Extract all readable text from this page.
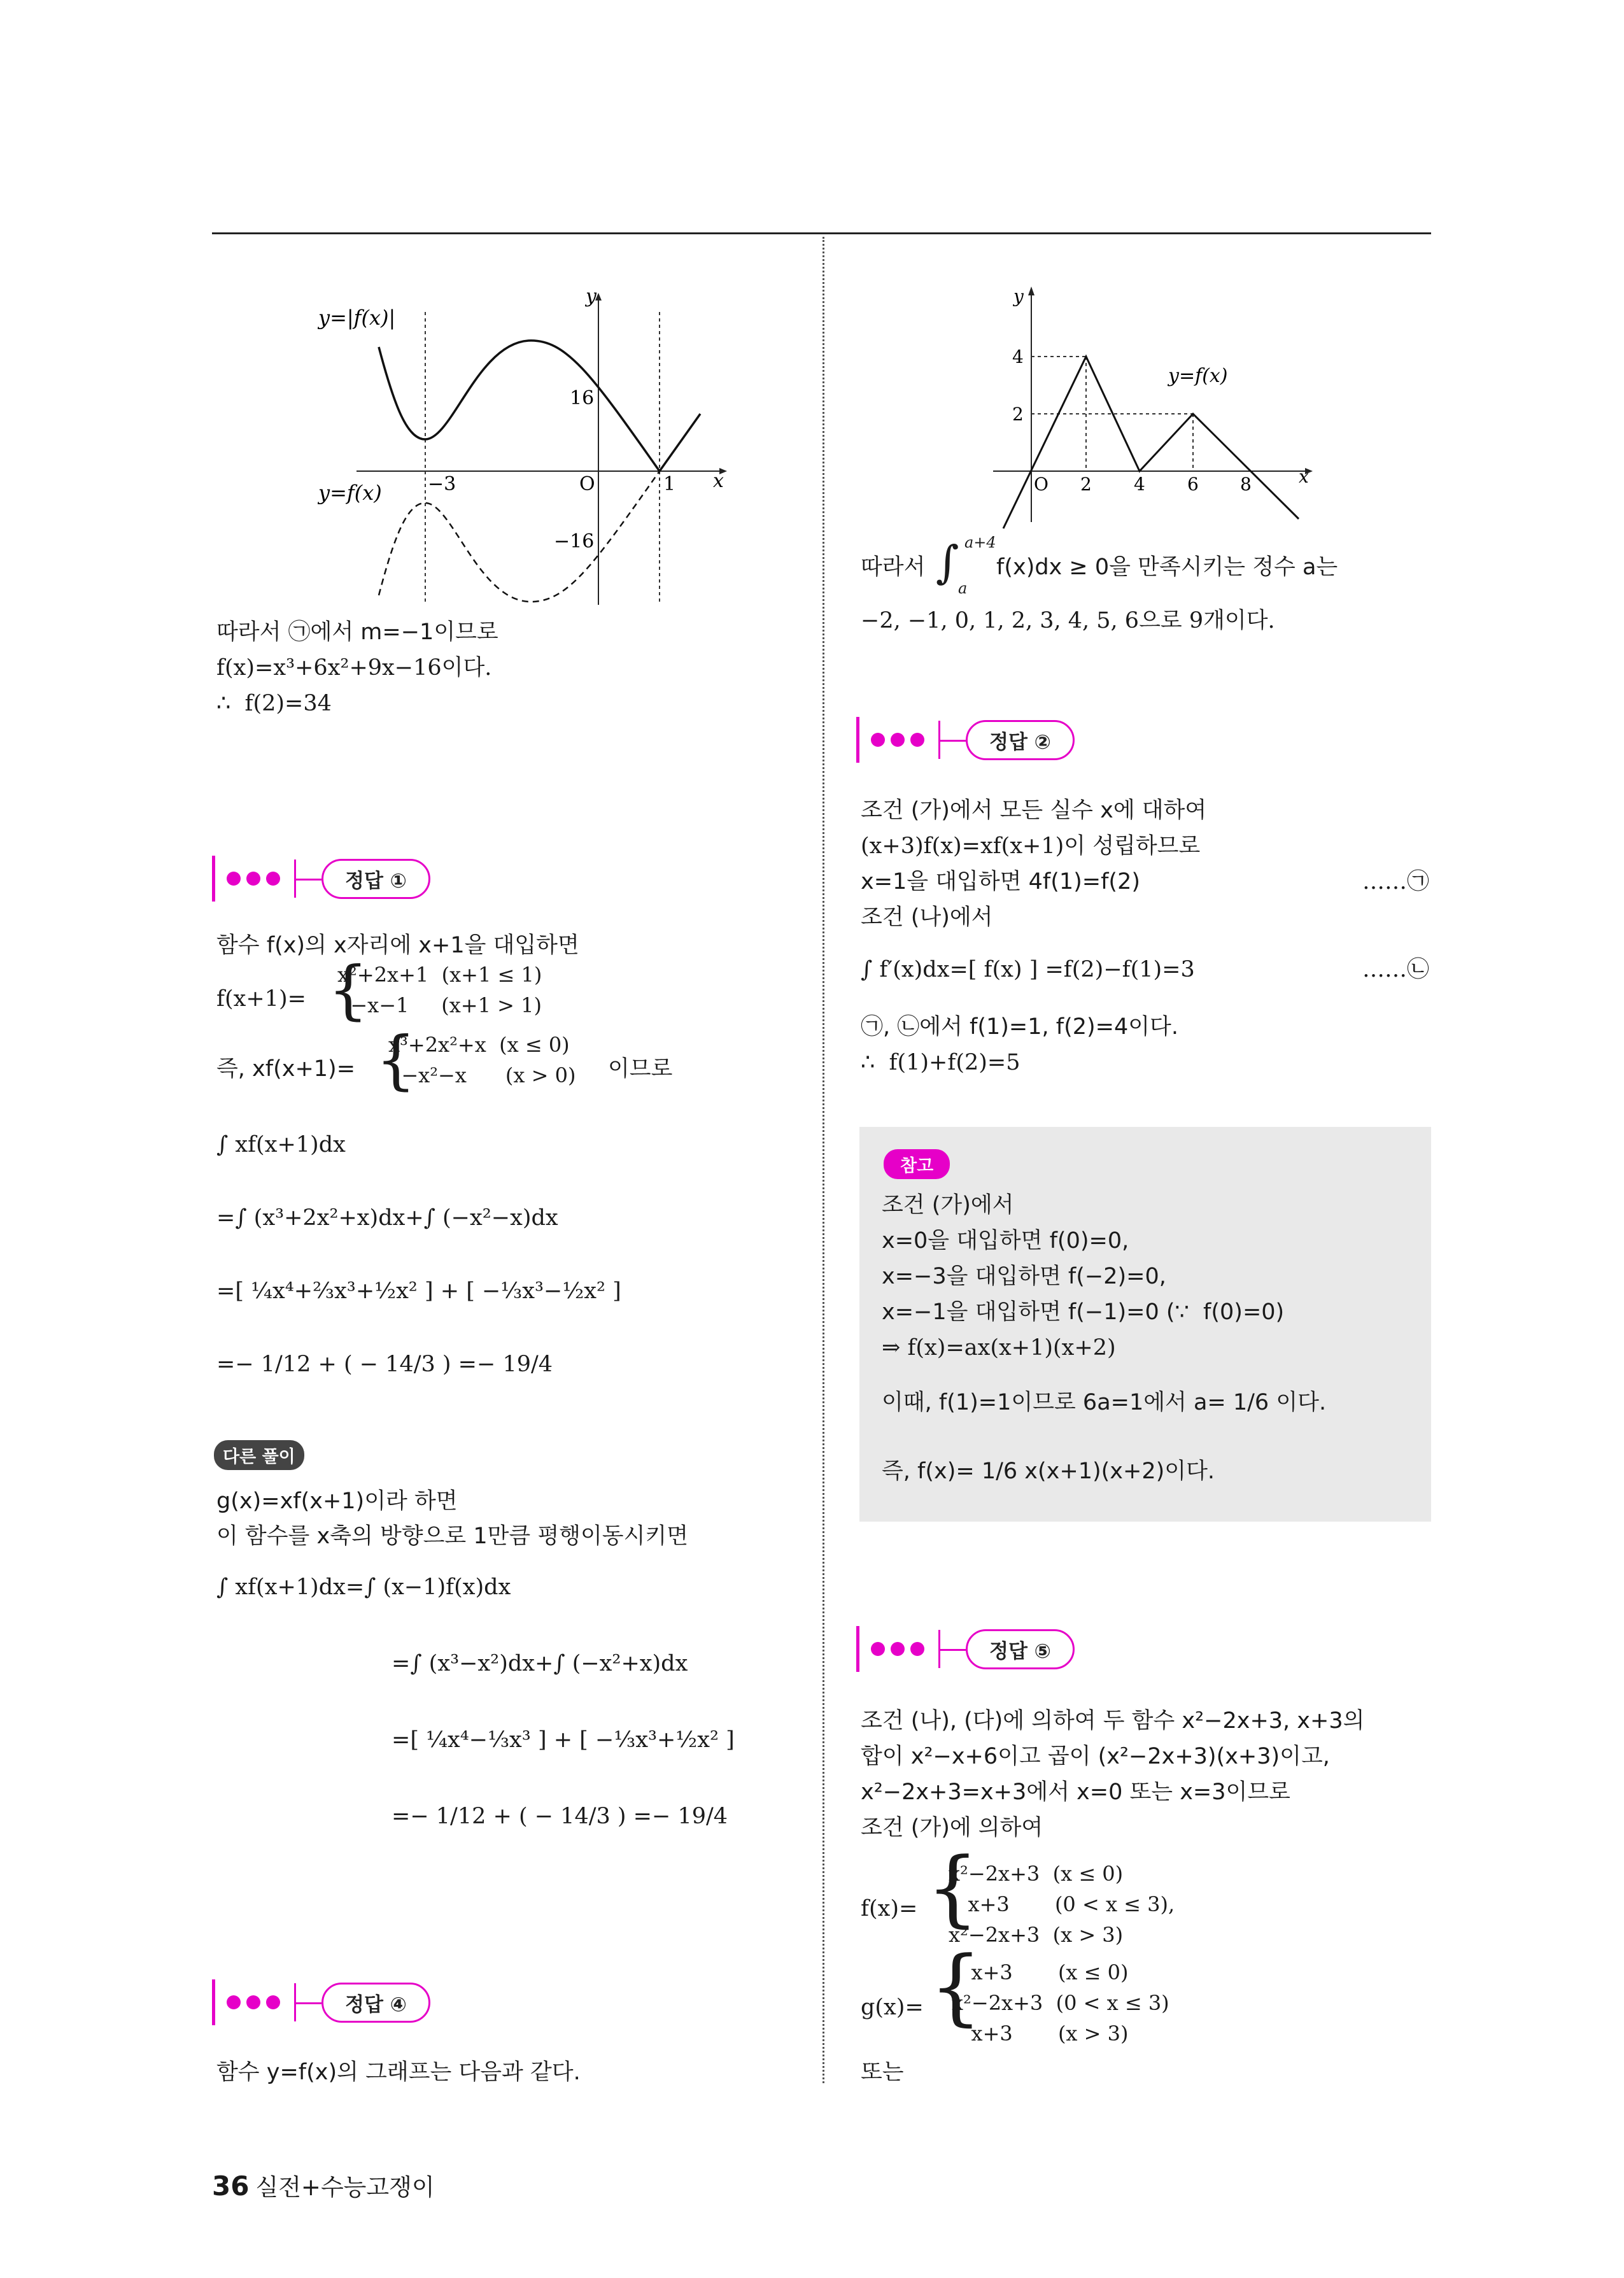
y=|f(x)|
y=f(x)
y
x
16
−16
−3	O	1
따라서 ㉠에서 m=−1이므로
f(x)=x³+6x²+9x−16이다.
∴  f(2)=34
정답 ①
함수 f(x)의 x자리에 x+1을 대입하면
f(x+1)=
x²+2x+1  (x+1 ≤ 1)
−x−1     (x+1 > 1)
{
즉, xf(x+1)=
x³+2x²+x  (x ≤ 0)
−x²−x      (x > 0)
{	이므로
∫ xf(x+1)dx
=∫ (x³+2x²+x)dx+∫ (−x²−x)dx
=[ ¼x⁴+⅔x³+½x² ] + [ −⅓x³−½x² ]
=− 1/12 + ( − 14/3 ) =− 19/4
다른 풀이
g(x)=xf(x+1)이라 하면
이 함수를 x축의 방향으로 1만큼 평행이동시키면
∫ xf(x+1)dx=∫ (x−1)f(x)dx
=∫ (x³−x²)dx+∫ (−x²+x)dx
=[ ¼x⁴−⅓x³ ] + [ −⅓x³+½x² ]
=− 1/12 + ( − 14/3 ) =− 19/4
정답 ④
함수 y=f(x)의 그래프는 다음과 같다.
y
x
y=f(x)
4
2
O 2 4 6 8
따라서 ∫ a+4
a
f(x)dx ≥ 0을 만족시키는 정수 a는
−2, −1, 0, 1, 2, 3, 4, 5, 6으로 9개이다.
정답 ②
조건 (가)에서 모든 실수 x에 대하여
(x+3)f(x)=xf(x+1)이 성립하므로
x=1을 대입하면 4f(1)=f(2)	……㉠
조건 (나)에서
∫ f′(x)dx=[ f(x) ] =f(2)−f(1)=3	……㉡
㉠, ㉡에서 f(1)=1, f(2)=4이다.
∴  f(1)+f(2)=5
참고
조건 (가)에서
x=0을 대입하면 f(0)=0,
x=−3을 대입하면 f(−2)=0,
x=−1을 대입하면 f(−1)=0 (∵  f(0)=0)
⇒ f(x)=ax(x+1)(x+2)
이때, f(1)=1이므로 6a=1에서 a= 1/6 이다.
즉, f(x)= 1/6 x(x+1)(x+2)이다.
정답 ⑤
조건 (나), (다)에 의하여 두 함수 x²−2x+3, x+3의
합이 x²−x+6이고 곱이 (x²−2x+3)(x+3)이고,
x²−2x+3=x+3에서 x=0 또는 x=3이므로
조건 (가)에 의하여
f(x)= {
x²−2x+3  (x ≤ 0)
x+3       (0 < x ≤ 3),
x²−2x+3  (x > 3)
g(x)= {
x+3       (x ≤ 0)
x²−2x+3  (0 < x ≤ 3)
x+3       (x > 3)
또는
36 실전+수능고쟁이
